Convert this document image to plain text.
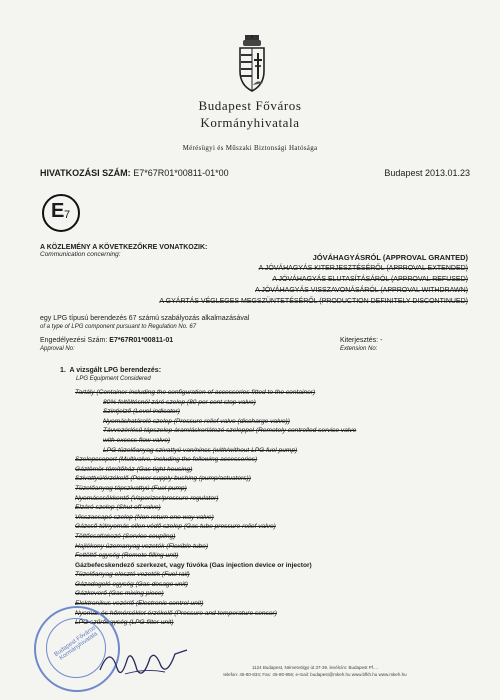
Budapest Főváros
Kormányhivatala
Mérésügyi és Műszaki Biztonsági Hatósága
HIVATKOZÁSI SZÁM: E7*67R01*00811-01*00	Budapest 2013.01.23
E 7
A KÖZLEMÉNY A KÖVETKEZŐKRE VONATKOZIK:
Communication concerning:	JÓVÁHAGYÁSRÓL (APPROVAL GRANTED)
A JÓVÁHAGYÁS KITERJESZTÉSÉRŐL (APPROVAL EXTENDED)
A JÓVÁHAGYÁS ELUTASÍTÁSÁRÓL (APPROVAL REFUSED)
A JÓVÁHAGYÁS VISSZAVONÁSÁRÓL (APPROVAL WITHDRAWN)
A GYÁRTÁS VÉGLEGES MEGSZÜNTETÉSÉRŐL (PRODUCTION DEFINITELY DISCONTINUED)
egy LPG típusú berendezés 67 számú szabályozás alkalmazásával
of a type of LPG component pursuant to Regulation No. 67
Engedélyezési Szám: E7*67R01*00811-01
Approval No:
Kiterjesztés: -
Extension No:
1. A vizsgált LPG berendezés:
LPG Equipment Considered
Tartály (Container including the configuration of accessories fitted to the container)
80% feltöltésnél záró szelep (80 per cent stop valve)
Szintjelző (Level indicator)
Nyomáshatároló szelep (Pressure relief valve (discharge valve))
Távvezérlésű tápszelep áramláskorlátozó szeleppel (Remotely controlled service valve
with excess flow valve)
LPG tüzelőanyag szivattyú van/nincs (with/without LPG fuel pump)
Szelepcsoport (Multivalve, including the following accessories)
Gáztömör tömítőház (Gas tight housing)
Szivattyú/érzékelő (Power supply bushing (pump/actuators))
Tüzelőanyag tápszivattyú (Fuel pump)
Nyomáscsökkentő (Vaporizer/pressure regulator)
Elzáró szelep (Shut off valve)
Visszacsapó szelep (Non return one way valve)
Gázcső túlnyomás ellen védő szelep (Gas tube pressure relief valve)
Töltőcsatlakozó (Service coupling)
Hajlékony üzemanyag vezeték (Flexible tube)
Feltöltő egység (Remote filling unit)
Gázbefecskendező szerkezet, vagy fúvóka (Gas injection device or injector)
Tüzelőanyag elosztó vezeték (Fuel rail)
Gázadagoló egység (Gas dosage unit)
Gázkeverő (Gas mixing piece)
Elektronikus vezérlő (Electronic control unit)
Nyomás és hőmérséklet érzékelő (Pressure and temperature sensor)
LPG szűrőegység (LPG filter unit)
Budapest Főváros Kormányhivatala
1124 Budapest, Németvölgyi út 37-39. levélcím: Budapest Pf....
telefon: 45-80-834; Fax: 45-80-956; e-mail: budapest@mkeh.hu www.bfkh.hu www.mkeh.hu
